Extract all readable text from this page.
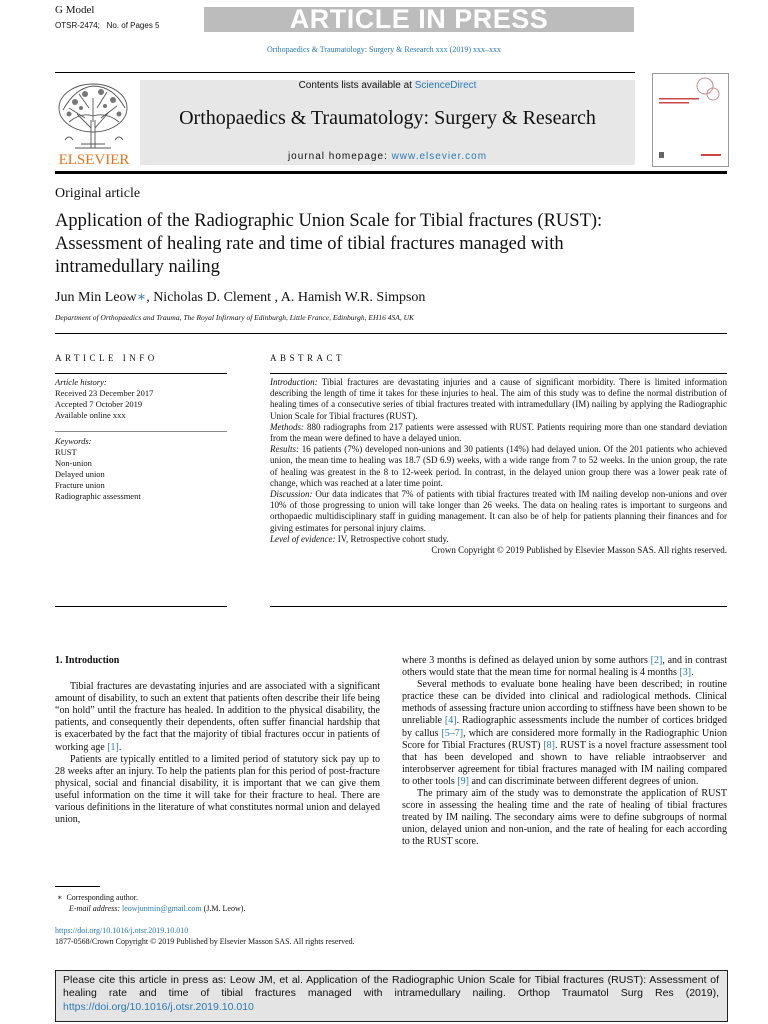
G Model
OTSR-2474; No. of Pages 5	ARTICLE IN PRESS
Orthopaedics & Traumatology: Surgery & Research xxx (2019) xxx–xxx
ELSEVIER
Contents lists available at ScienceDirect
Orthopaedics & Traumatology: Surgery & Research
journal homepage: www.elsevier.com
Original article
Application of the Radiographic Union Scale for Tibial fractures (RUST): Assessment of healing rate and time of tibial fractures managed with intramedullary nailing
Jun Min Leow∗, Nicholas D. Clement , A. Hamish W.R. Simpson
Department of Orthopaedics and Trauma, The Royal Infirmary of Edinburgh, Little France, Edinburgh, EH16 4SA, UK
ARTICLE INFO
Article history:
Received 23 December 2017
Accepted 7 October 2019
Available online xxx
Keywords:
RUST
Non-union
Delayed union
Fracture union
Radiographic assessment
ABSTRACT

Introduction: Tibial fractures are devastating injuries and a cause of significant morbidity. There is limited information describing the length of time it takes for these injuries to heal. The aim of this study was to define the normal distribution of healing times of a consecutive series of tibial fractures treated with intramedullary (IM) nailing by applying the Radiographic Union Scale for Tibial fractures (RUST).

Methods: 880 radiographs from 217 patients were assessed with RUST. Patients requiring more than one standard deviation from the mean were defined to have a delayed union.

Results: 16 patients (7%) developed non-unions and 30 patients (14%) had delayed union. Of the 201 patients who achieved union, the mean time to healing was 18.7 (SD 6.9) weeks, with a wide range from 7 to 52 weeks. In the union group, the rate of healing was greatest in the 8 to 12-week period. In contrast, in the delayed union group there was a lower peak rate of change, which was reached at a later time point.

Discussion: Our data indicates that 7% of patients with tibial fractures treated with IM nailing develop non-unions and over 10% of those progressing to union will take longer than 26 weeks. The data on healing rates is important to surgeons and orthopaedic multidisciplinary staff in guiding management. It can also be of help for patients planning their finances and for giving estimates for personal injury claims.

Level of evidence: IV, Retrospective cohort study.

Crown Copyright © 2019 Published by Elsevier Masson SAS. All rights reserved.

1. Introduction

Tibial fractures are devastating injuries and are associated with a significant amount of disability, to such an extent that patients often describe their life being “on hold” until the fracture has healed. In addition to the physical disability, the patients, and consequently their dependents, often suffer financial hardship that is exacerbated by the fact that the majority of tibial fractures occur in patients of working age [1].

Patients are typically entitled to a limited period of statutory sick pay up to 28 weeks after an injury. To help the patients plan for this period of post-fracture physical, social and financial disability, it is important that we can give them useful information on the time it will take for their fracture to heal. There are various definitions in the literature of what constitutes normal union and delayed union,

where 3 months is defined as delayed union by some authors [2], and in contrast others would state that the mean time for normal healing is 4 months [3].

Several methods to evaluate bone healing have been described; in routine practice these can be divided into clinical and radiological methods. Clinical methods of assessing fracture union according to stiffness have been shown to be unreliable [4]. Radiographic assessments include the number of cortices bridged by callus [5–7], which are considered more formally in the Radiographic Union Score for Tibial Fractures (RUST) [8]. RUST is a novel fracture assessment tool that has been developed and shown to have reliable intraobserver and interobserver agreement for tibial fractures managed with IM nailing compared to other tools [9] and can discriminate between different degrees of union.

The primary aim of the study was to demonstrate the application of RUST score in assessing the healing time and the rate of healing of tibial fractures treated by IM nailing. The secondary aims were to define subgroups of normal union, delayed union and non-union, and the rate of healing for each according to the RUST score.

∗ Corresponding author.
E-mail address: leowjunmin@gmail.com (J.M. Leow).
https://doi.org/10.1016/j.otsr.2019.10.010
1877-0568/Crown Copyright © 2019 Published by Elsevier Masson SAS. All rights reserved.
Please cite this article in press as: Leow JM, et al. Application of the Radiographic Union Scale for Tibial fractures (RUST): Assessment of healing rate and time of tibial fractures managed with intramedullary nailing. Orthop Traumatol Surg Res (2019), https://doi.org/10.1016/j.otsr.2019.10.010
